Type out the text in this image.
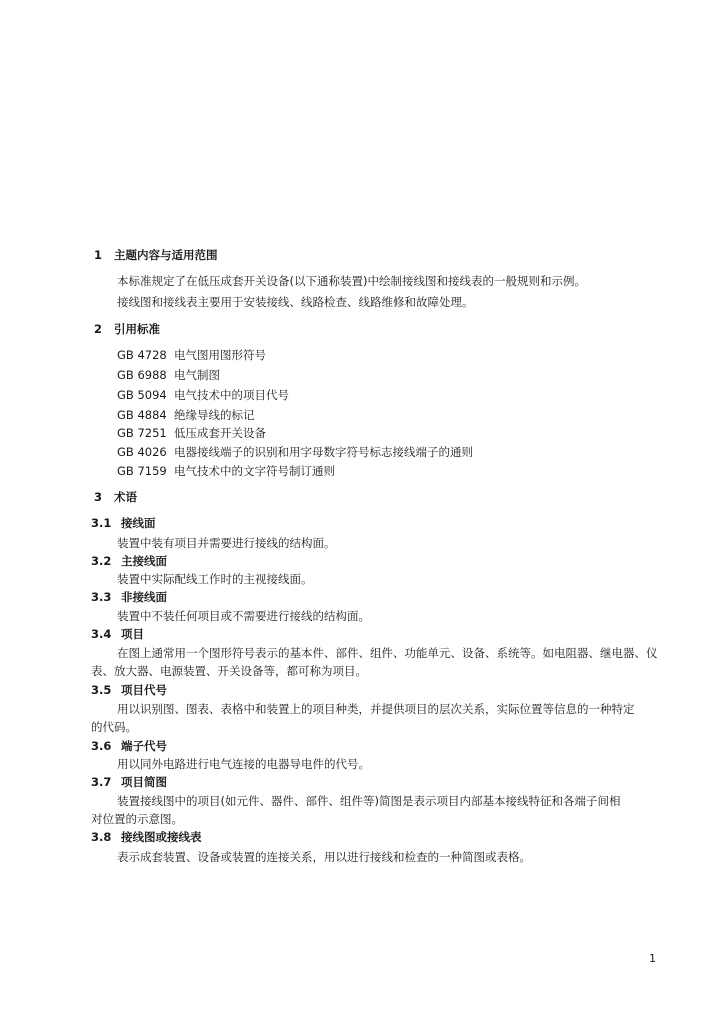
1 主题内容与适用范围
本标准规定了在低压成套开关设备(以下通称装置)中绘制接线图和接线表的一般规则和示例。
接线图和接线表主要用于安装接线、线路检查、线路维修和故障处理。
2 引用标准
GB 4728 电气图用图形符号
GB 6988 电气制图
GB 5094 电气技术中的项目代号
GB 4884 绝缘导线的标记
GB 7251 低压成套开关设备
GB 4026 电器接线端子的识别和用字母数字符号标志接线端子的通则
GB 7159 电气技术中的文字符号制订通则
3 术语
3.1 接线面
装置中装有项目并需要进行接线的结构面。
3.2 主接线面
装置中实际配线工作时的主视接线面。
3.3 非接线面
装置中不装任何项目或不需要进行接线的结构面。
3.4 项目
在图上通常用一个图形符号表示的基本件、部件、组件、功能单元、设备、系统等。如电阻器、继电器、仪
表、放大器、电源装置、开关设备等，都可称为项目。
3.5 项目代号
用以识别图、图表、表格中和装置上的项目种类，并提供项目的层次关系，实际位置等信息的一种特定
的代码。
3.6 端子代号
用以同外电路进行电气连接的电器导电件的代号。
3.7 项目简图
装置接线图中的项目(如元件、器件、部件、组件等)简图是表示项目内部基本接线特征和各端子间相
对位置的示意图。
3.8 接线图或接线表
表示成套装置、设备或装置的连接关系，用以进行接线和检查的一种简图或表格。
1
